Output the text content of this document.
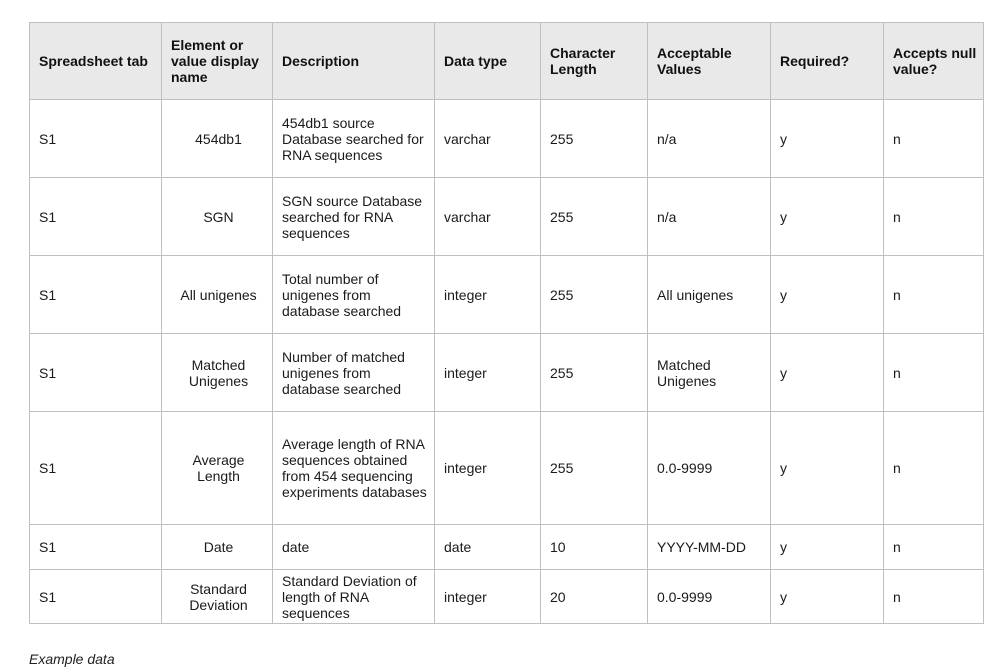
Spreadsheet tab	Element or value display name	Description	Data type	Character Length	Acceptable Values	Required?	Accepts null value?
S1	454db1	454db1 source Database searched for RNA sequences	varchar	255	n/a	y	n
S1	SGN	SGN source Database searched for RNA sequences	varchar	255	n/a	y	n
S1	All unigenes	Total number of unigenes from database searched	integer	255	All unigenes	y	n
S1	Matched Unigenes	Number of matched unigenes from database searched	integer	255	Matched Unigenes	y	n
S1	Average Length	Average length of RNA sequences obtained from 454 sequencing experiments databases	integer	255	0.0-9999	y	n
S1	Date	date	date	10	YYYY-MM-DD	y	n
S1	Standard Deviation	Standard Deviation of length of RNA sequences	integer	20	0.0-9999	y	n
Example data
